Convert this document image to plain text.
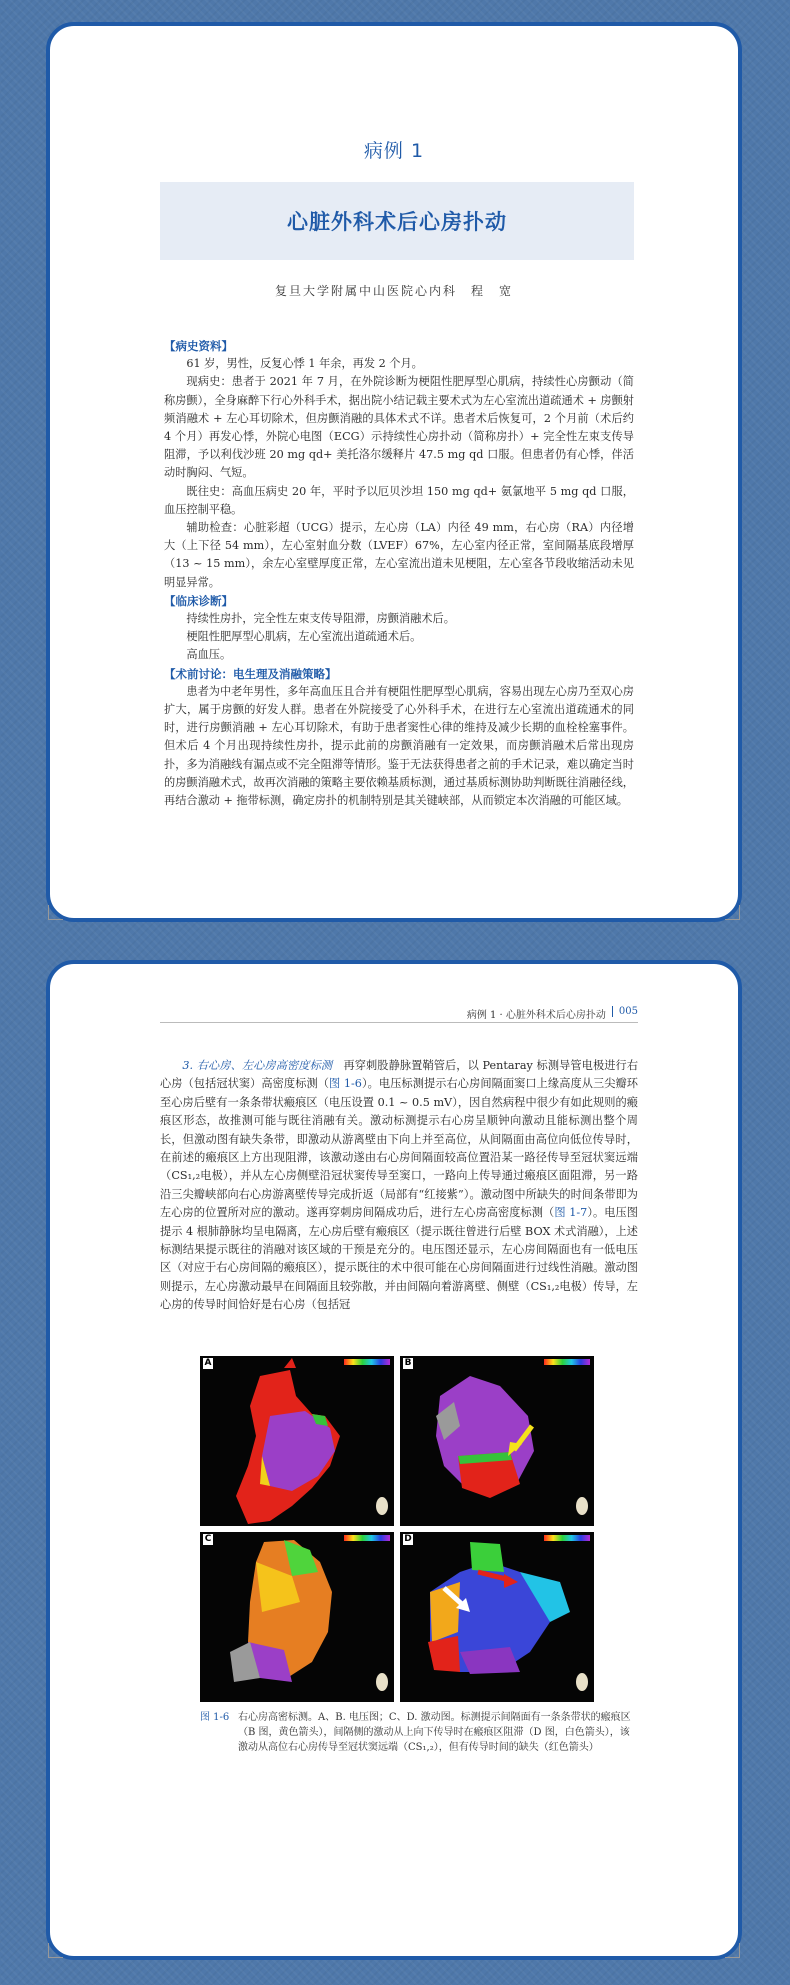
病例 1
心脏外科术后心房扑动
复旦大学附属中山医院心内科　程　宽

【病史资料】

61 岁，男性，反复心悸 1 年余，再发 2 个月。

现病史：患者于 2021 年 7 月，在外院诊断为梗阻性肥厚型心肌病，持续性心房颤动（简称房颤），全身麻醉下行心外科手术，据出院小结记载主要术式为左心室流出道疏通术 + 房颤射频消融术 + 左心耳切除术，但房颤消融的具体术式不详。患者术后恢复可，2 个月前（术后约 4 个月）再发心悸，外院心电图（ECG）示持续性心房扑动（简称房扑）+ 完全性左束支传导阻滞，予以利伐沙班 20 mg qd+ 美托洛尔缓释片 47.5 mg qd 口服。但患者仍有心悸，伴活动时胸闷、气短。

既往史：高血压病史 20 年，平时予以厄贝沙坦 150 mg qd+ 氨氯地平 5 mg qd 口服，血压控制平稳。

辅助检查：心脏彩超（UCG）提示，左心房（LA）内径 49 mm，右心房（RA）内径增大（上下径 54 mm），左心室射血分数（LVEF）67%，左心室内径正常，室间隔基底段增厚（13 ~ 15 mm），余左心室壁厚度正常，左心室流出道未见梗阻，左心室各节段收缩活动未见明显异常。

【临床诊断】

持续性房扑，完全性左束支传导阻滞，房颤消融术后。

梗阻性肥厚型心肌病，左心室流出道疏通术后。

高血压。

【术前讨论：电生理及消融策略】

患者为中老年男性，多年高血压且合并有梗阻性肥厚型心肌病，容易出现左心房乃至双心房扩大，属于房颤的好发人群。患者在外院接受了心外科手术，在进行左心室流出道疏通术的同时，进行房颤消融 + 左心耳切除术，有助于患者窦性心律的维持及减少长期的血栓栓塞事件。但术后 4 个月出现持续性房扑，提示此前的房颤消融有一定效果，而房颤消融术后常出现房扑，多为消融线有漏点或不完全阻滞等情形。鉴于无法获得患者之前的手术记录，难以确定当时的房颤消融术式，故再次消融的策略主要依赖基质标测，通过基质标测协助判断既往消融径线，再结合激动 + 拖带标测，确定房扑的机制特别是其关键峡部，从而锁定本次消融的可能区域。

病例 1 · 心脏外科术后心房扑动	005

3. 右心房、左心房高密度标测　再穿刺股静脉置鞘管后，以 Pentaray 标测导管电极进行右心房（包括冠状窦）高密度标测（图 1-6）。电压标测提示右心房间隔面窦口上缘高度从三尖瓣环至心房后壁有一条条带状瘢痕区（电压设置 0.1 ~ 0.5 mV），因自然病程中很少有如此规则的瘢痕区形态，故推测可能与既往消融有关。激动标测提示右心房呈顺钟向激动且能标测出整个周长，但激动图有缺失条带，即激动从游离壁由下向上并至高位，从间隔面由高位向低位传导时，在前述的瘢痕区上方出现阻滞，该激动遂由右心房间隔面较高位置沿某一路径传导至冠状窦远端（CS₁,₂电极），并从左心房侧壁沿冠状窦传导至窦口，一路向上传导通过瘢痕区面阻滞，另一路沿三尖瓣峡部向右心房游离壁传导完成折返（局部有“红接紫”）。激动图中所缺失的时间条带即为左心房的位置所对应的激动。遂再穿刺房间隔成功后，进行左心房高密度标测（图 1-7）。电压图提示 4 根肺静脉均呈电隔离，左心房后壁有瘢痕区（提示既往曾进行后壁 BOX 术式消融），上述标测结果提示既往的消融对该区域的干预是充分的。电压图还显示，左心房间隔面也有一低电压区（对应于右心房间隔的瘢痕区），提示既往的术中很可能在心房间隔面进行过线性消融。激动图则提示，左心房激动最早在间隔面且较弥散，并由间隔向着游离壁、侧壁（CS₁,₂电极）传导，左心房的传导时间恰好是右心房（包括冠

A	B
C	D
图 1-6 右心房高密标测。A、B. 电压图；C、D. 激动图。标测提示间隔面有一条条带状的瘢痕区（B 图，黄色箭头），间隔侧的激动从上向下传导时在瘢痕区阻滞（D 图，白色箭头），该激动从高位右心房传导至冠状窦远端（CS₁,₂），但有传导时间的缺失（红色箭头）
